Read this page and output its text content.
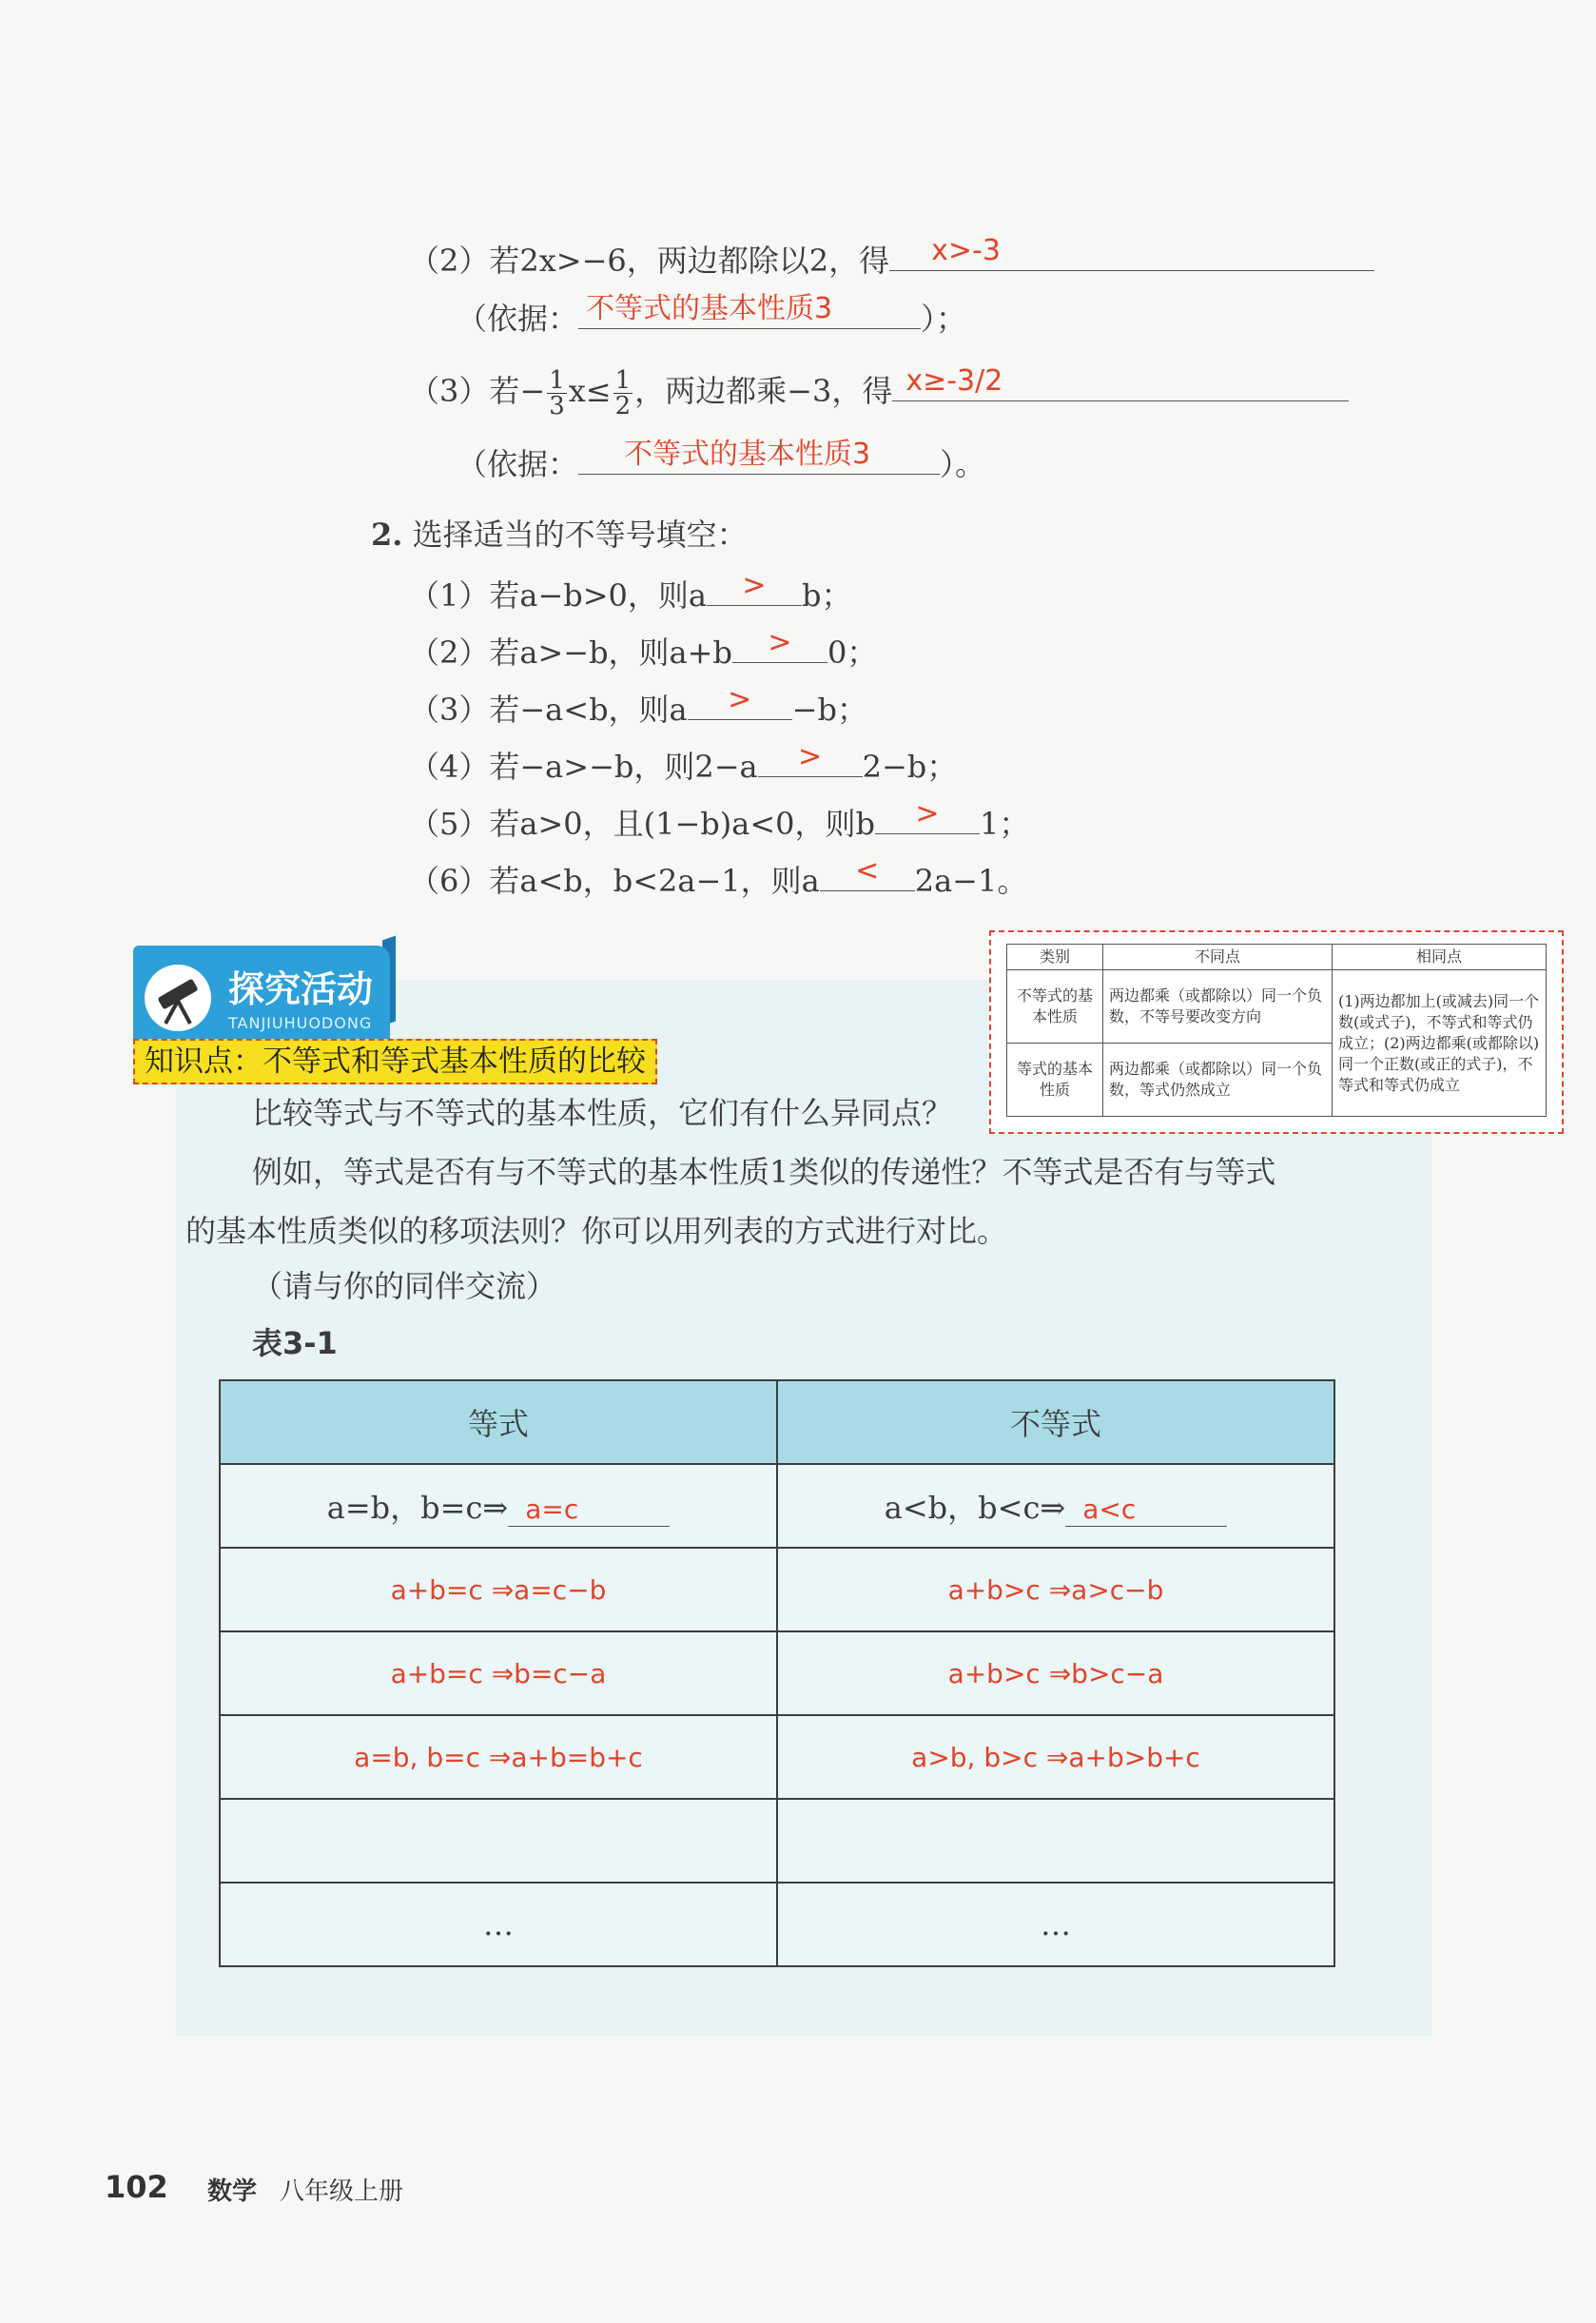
（2）若2x>−6，两边都除以2，得 x>-3
（依据： 不等式的基本性质3	）；
（3）若− $\frac{1}{3} x\le \frac{1}{2}$ ，两边都乘−3，得 x≥-3/2
（依据： 不等式的基本性质3 ）。
2. 选择适当的不等号填空：
（1）若a−b>0，则a	>	b；
（2）若a>−b，则a+b	>	0；
（3）若−a<b，则a	>	−b；
（4）若−a>−b，则2−a	>	2−b；
（5）若a>0，且(1−b)a<0，则b	>	1；
（6）若a<b，b<2a−1，则a	<	2a−1。
探究活动
TANJIUHUODONG
知识点：不等式和等式基本性质的比较
类别	不同点	相同点
不等式的基本性质	两边都乘（或都除以）同一个负数，不等号要改变方向	(1)两边都加上(或减去)同一个数(或式子)，不等式和等式仍成立；(2)两边都乘(或都除以)同一个正数(或正的式子)，不等式和等式仍成立
等式的基本性质	两边都乘（或都除以）同一个负数，等式仍然成立	
比较等式与不等式的基本性质，它们有什么异同点？
例如，等式是否有与不等式的基本性质1类似的传递性？不等式是否有与等式
的基本性质类似的移项法则？你可以用列表的方式进行对比。
（请与你的同伴交流）
表3-1
等式	不等式
a=b，b=c⇒ a=c	a<b，b<c⇒ a<c
a+b=c ⇒a=c−b	a+b>c ⇒a>c−b
a+b=c ⇒b=c−a	a+b>c ⇒b>c−a
a=b, b=c ⇒a+b=b+c	a>b, b>c ⇒a+b>b+c

…	…
102 数学 八年级上册
